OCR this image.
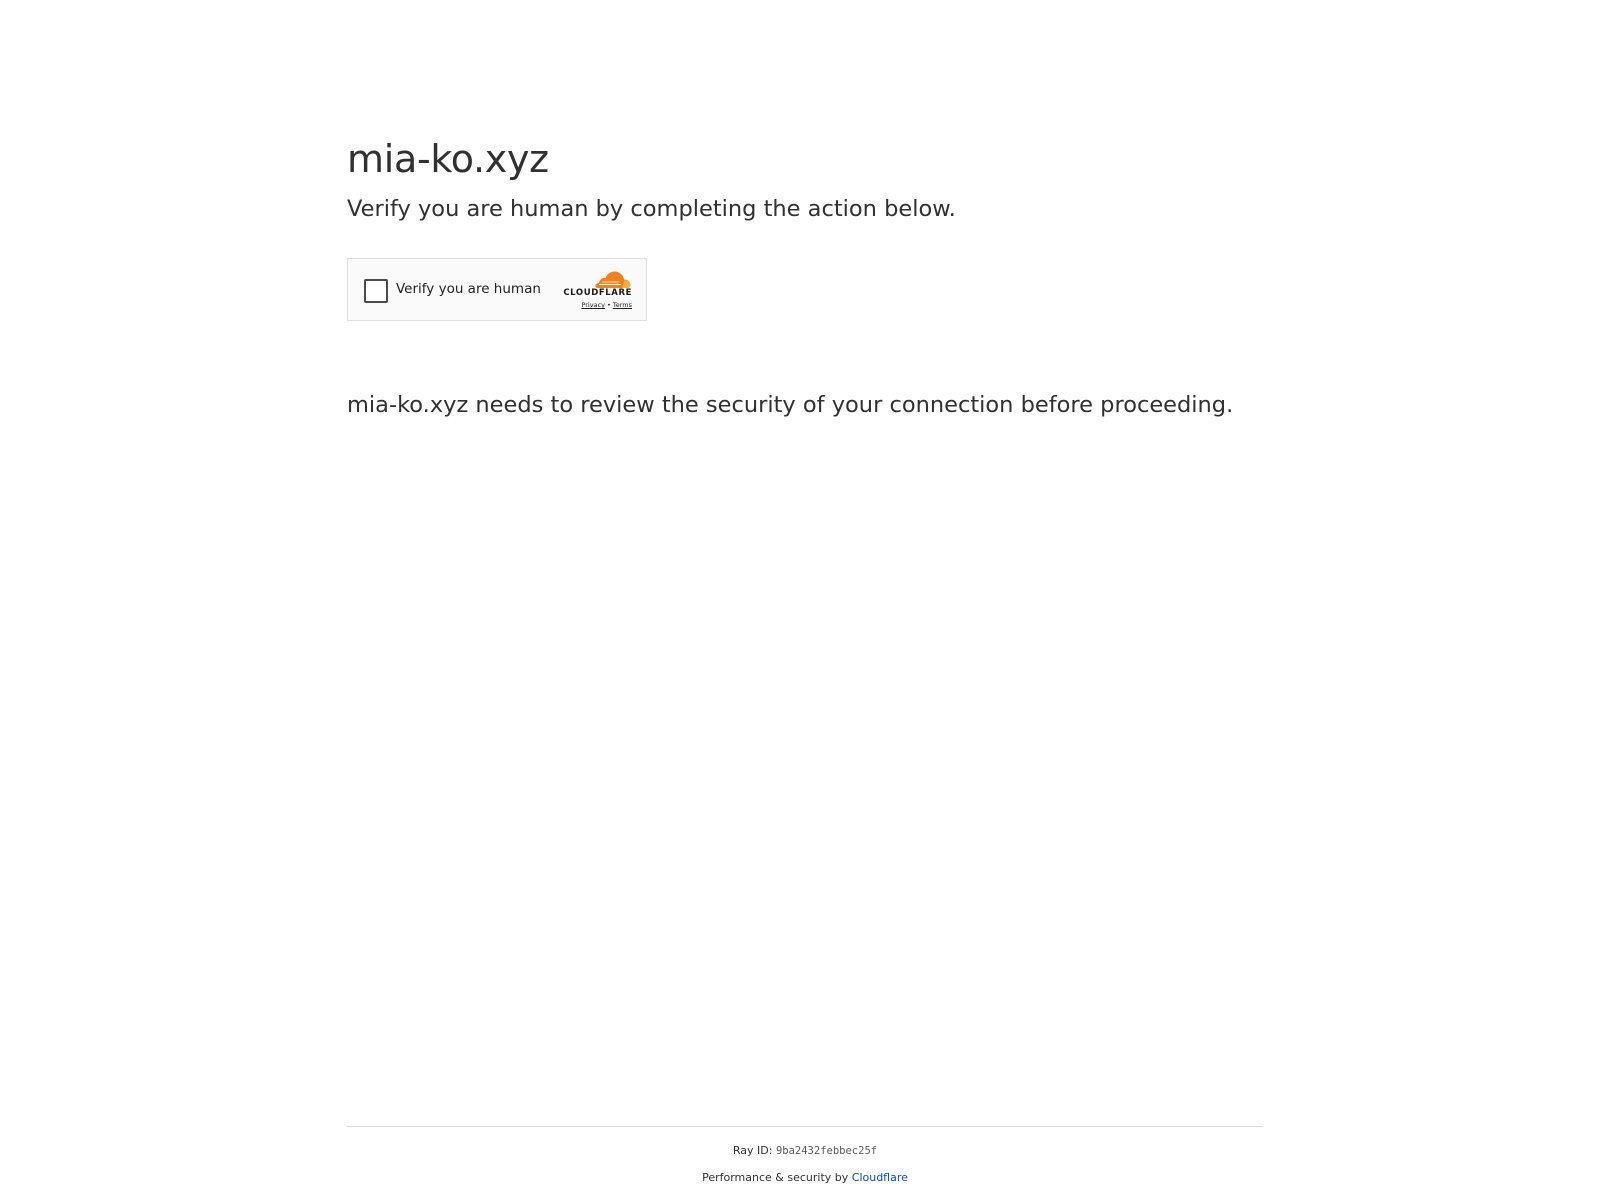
mia-ko.xyz

Verify you are human by completing the action below.

Verify you are human	CLOUDFLARE
Privacy • Terms

mia-ko.xyz needs to review the security of your connection before proceeding.

Ray ID: 9ba2432febbec25f
Performance & security by Cloudflare
